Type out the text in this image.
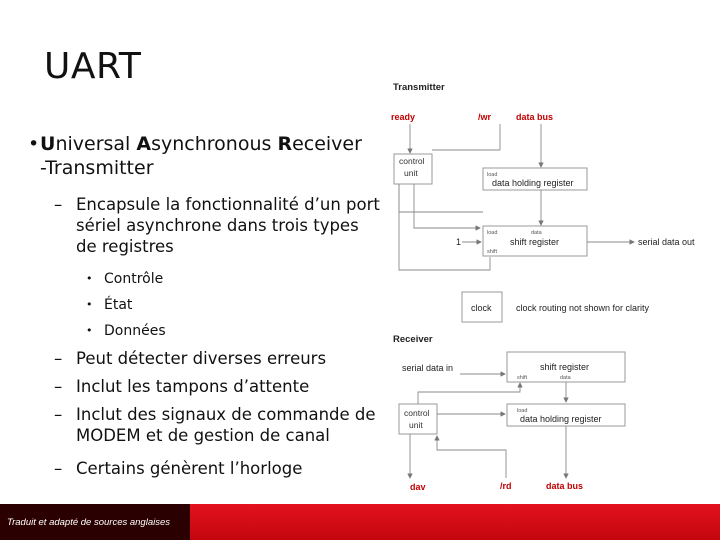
UART
• Universal Asynchronous Receiver
-Transmitter
– Encapsule la fonctionnalité d’un port sériel asynchrone dans trois types de registres
• Contrôle
• État
• Données
– Peut détecter diverses erreurs
– Inclut les tampons d’attente
– Inclut des signaux de commande de MODEM et de gestion de canal
– Certains génèrent l’horloge
Transmitter
ready	/wr	data bus
control
unit	load
data holding register
load	data
shift
shift register
1	serial data out
clock	clock routing not shown for clarity
Receiver
serial data in	shift register
shift	data
control
unit
load
data holding register
dav	/rd	data bus
Traduit et adapté de sources anglaises
